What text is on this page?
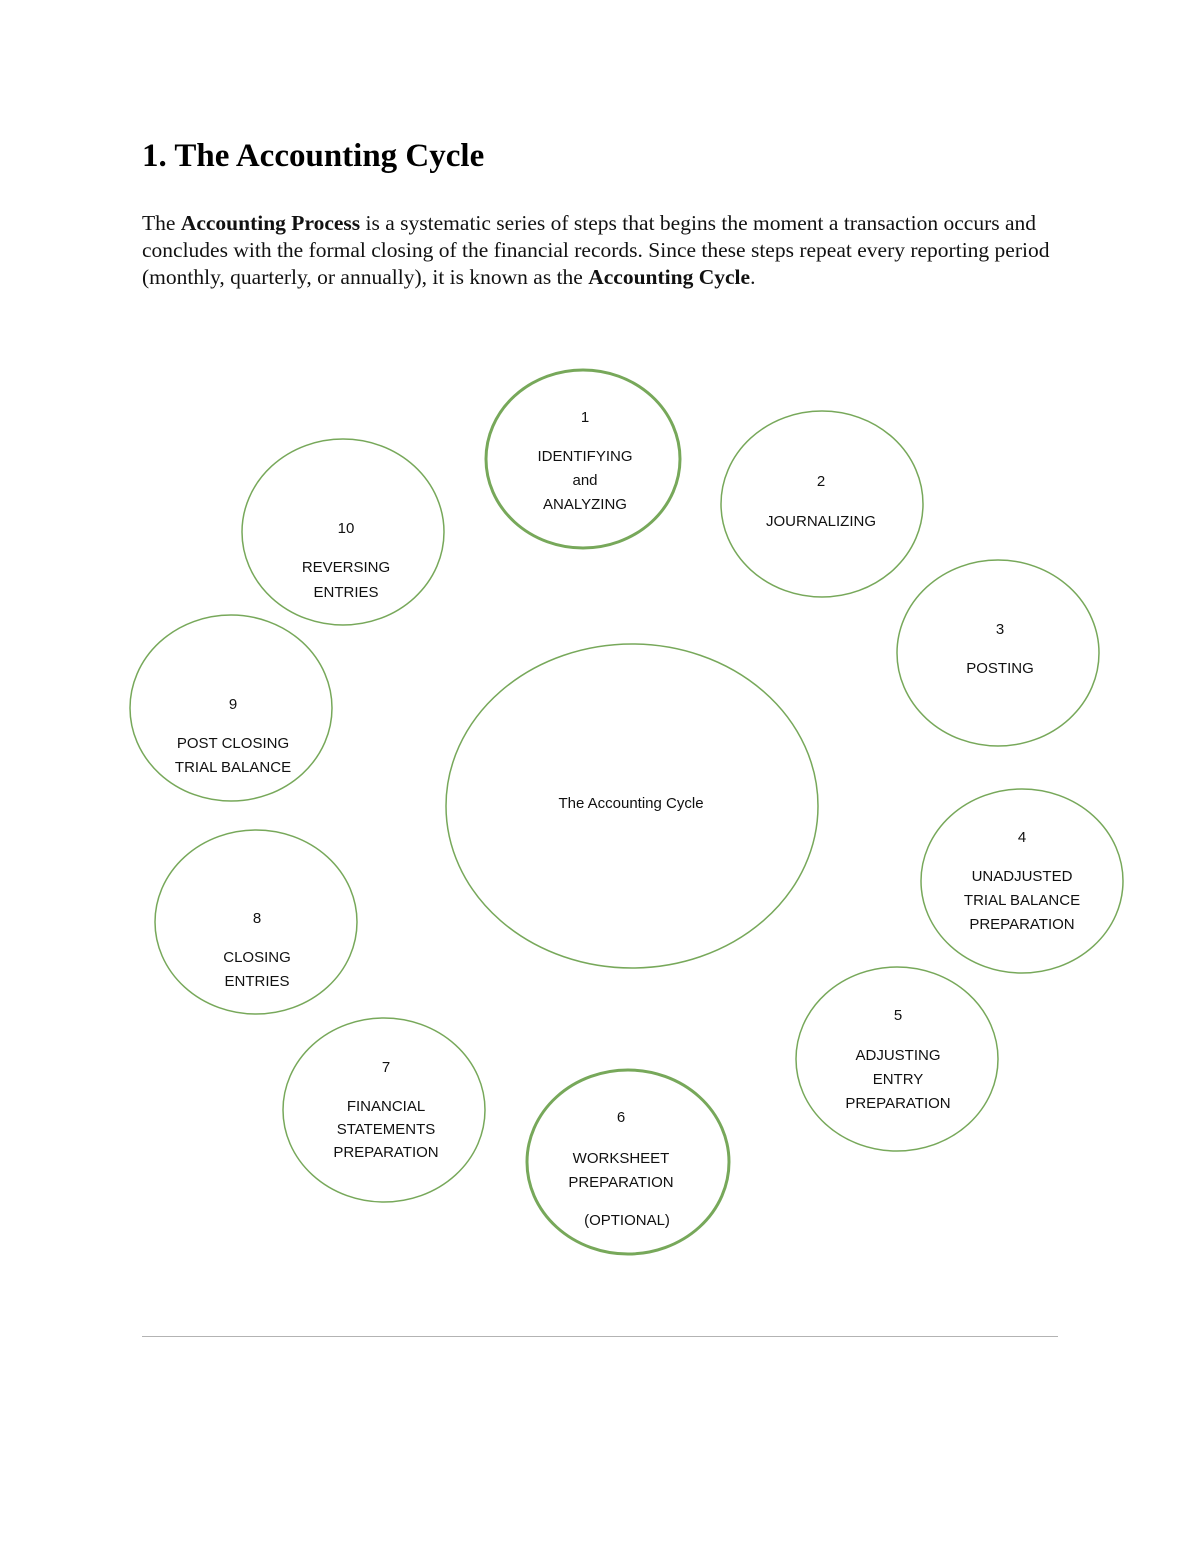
1. The Accounting Cycle

The Accounting Process is a systematic series of steps that begins the moment a transaction occurs and concludes with the formal closing of the financial records. Since these steps repeat every reporting period (monthly, quarterly, or annually), it is known as the Accounting Cycle.

The Accounting Cycle
1
IDENTIFYING
and
ANALYZING
2
JOURNALIZING
3
POSTING
4
UNADJUSTED
TRIAL BALANCE
PREPARATION
5
ADJUSTING
ENTRY
PREPARATION
6
WORKSHEET
PREPARATION
(OPTIONAL)
7
FINANCIAL
STATEMENTS
PREPARATION
8
CLOSING
ENTRIES
9
POST CLOSING
TRIAL BALANCE
10
REVERSING
ENTRIES
